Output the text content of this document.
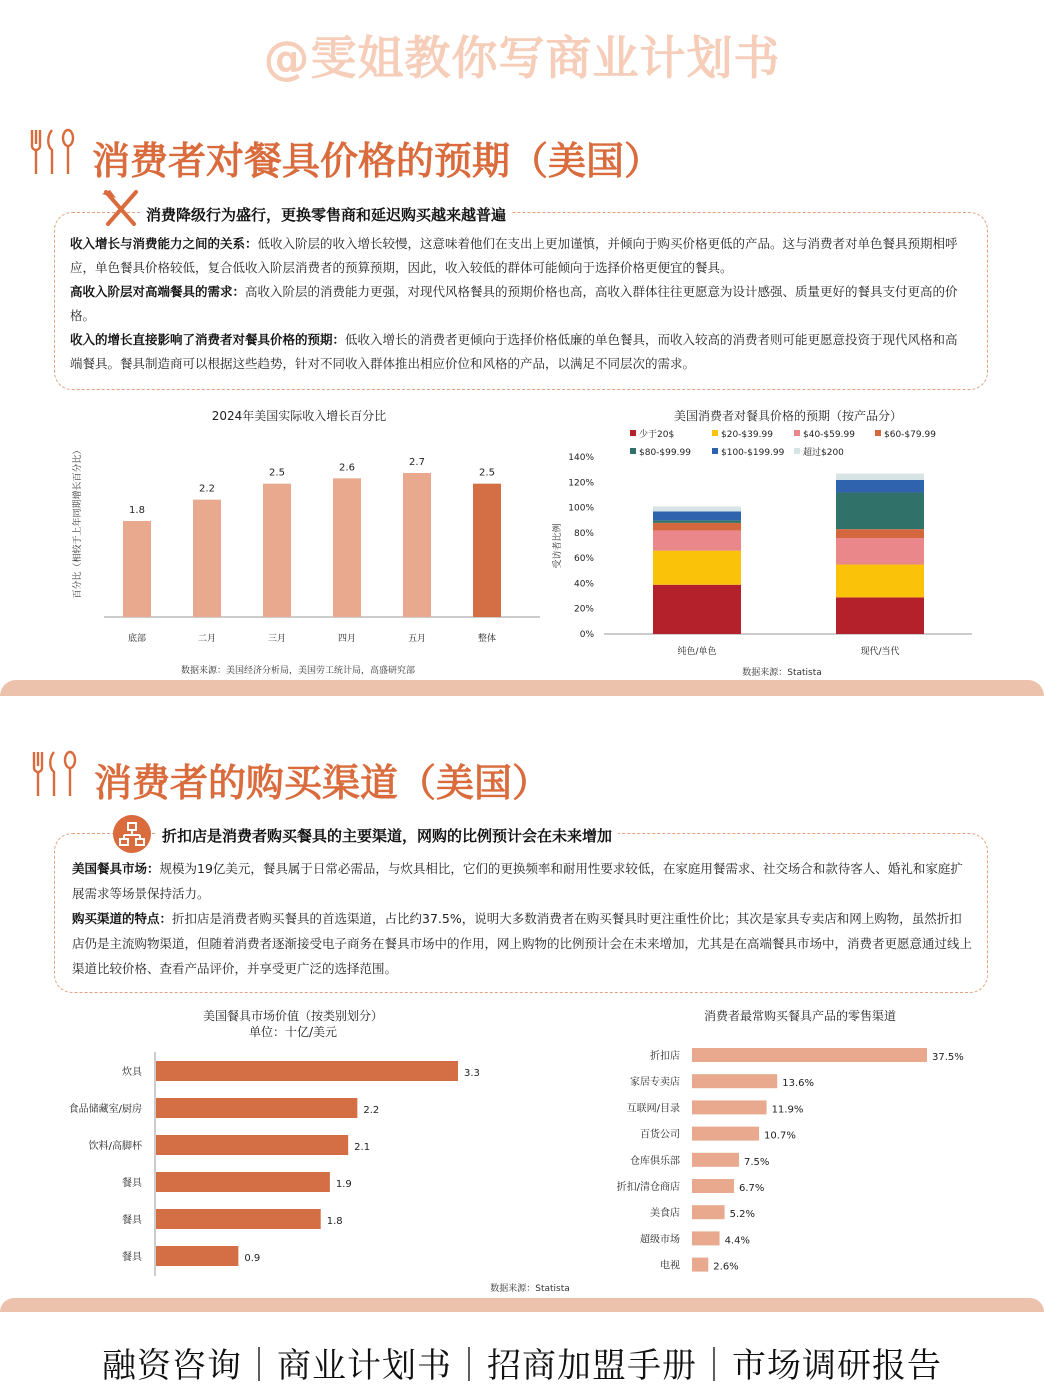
@雯姐教你写商业计划书
消费者对餐具价格的预期（美国）
消费降级行为盛行，更换零售商和延迟购买越来越普遍
收入增长与消费能力之间的关系：低收入阶层的收入增长较慢，这意味着他们在支出上更加谨慎，并倾向于购买价格更低的产品。这与消费者对单色餐具预期相呼应，单色餐具价格较低，复合低收入阶层消费者的预算预期，因此，收入较低的群体可能倾向于选择价格更便宜的餐具。
高收入阶层对高端餐具的需求：高收入阶层的消费能力更强，对现代风格餐具的预期价格也高，高收入群体往往更愿意为设计感强、质量更好的餐具支付更高的价格。
收入的增长直接影响了消费者对餐具价格的预期：低收入增长的消费者更倾向于选择价格低廉的单色餐具，而收入较高的消费者则可能更愿意投资于现代风格和高端餐具。餐具制造商可以根据这些趋势，针对不同收入群体推出相应价位和风格的产品，以满足不同层次的需求。
2024年美国实际收入增长百分比
百分比（相较于上年同期增长百分比）	1.8
底部
2.2
二月
2.5
三月
2.6
四月
2.7
五月
2.5
整体
数据来源：美国经济分析局，美国劳工统计局，高盛研究部
美国消费者对餐具价格的预期（按产品分）
少于20$	$20-$39.99	$40-$59.99	$60-$79.99
$80-$99.99	$100-$199.99 超过$200
受访者比例
0%
20%
40%
60%
80%
100%
120%
140%
纯色/单色	现代/当代
数据来源：Statista
消费者的购买渠道（美国）
折扣店是消费者购买餐具的主要渠道，网购的比例预计会在未来增加
美国餐具市场：规模为19亿美元，餐具属于日常必需品，与炊具相比，它们的更换频率和耐用性要求较低，在家庭用餐需求、社交场合和款待客人、婚礼和家庭扩展需求等场景保持活力。
购买渠道的特点：折扣店是消费者购买餐具的首选渠道，占比约37.5%，说明大多数消费者在购买餐具时更注重性价比；其次是家具专卖店和网上购物，虽然折扣店仍是主流购物渠道，但随着消费者逐渐接受电子商务在餐具市场中的作用，网上购物的比例预计会在未来增加，尤其是在高端餐具市场中，消费者更愿意通过线上渠道比较价格、查看产品评价，并享受更广泛的选择范围。
美国餐具市场价值（按类别划分）
单位：十亿/美元
3.3
炊具
2.2
食品储藏室/厨房
2.1
饮料/高脚杯
1.9
餐具
1.8
餐具
0.9
餐具
消费者最常购买餐具产品的零售渠道
37.5%
折扣店
13.6%
家居专卖店
11.9%
互联网/目录
10.7%
百货公司
7.5%
仓库俱乐部
6.7%
折扣/清仓商店
5.2%
美食店
4.4%
超级市场
2.6%
电视
数据来源：Statista
融资咨询｜商业计划书｜招商加盟手册｜市场调研报告
